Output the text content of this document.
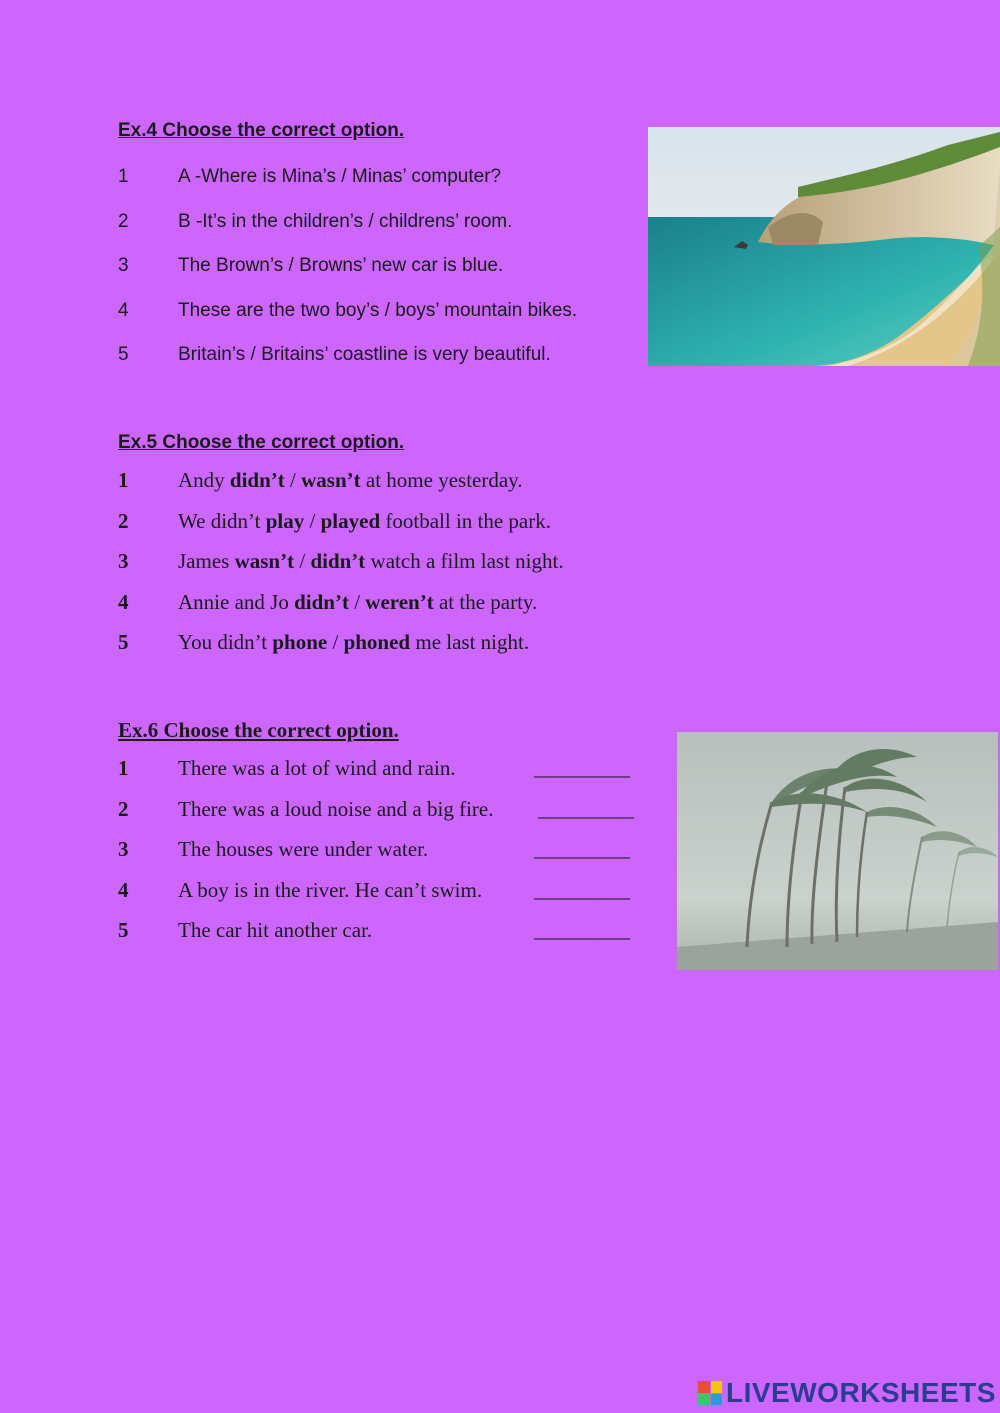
Ex.4 Choose the correct option.

1	A -Where is Mina’s / Minas’ computer?
2	B -It’s in the children’s / childrens’ room.
3	The Brown’s / Browns’ new car is blue.
4	These are the two boy’s / boys’ mountain bikes.
5	Britain’s / Britains’ coastline is very beautiful.

Ex.5 Choose the correct option.

1 Andy didn’t / wasn’t at home yesterday.
2 We didn’t play / played football in the park.
3 James wasn’t / didn’t watch a film last night.
4 Annie and Jo didn’t / weren’t at the party.
5 You didn’t phone / phoned me last night.

Ex.6 Choose the correct option.

1 There was a lot of wind and rain.	__________
2 There was a loud noise and a big fire. __________
3 The houses were under water.	__________
4 A boy is in the river. He can’t swim. __________
5 The car hit another car.	__________
LIVEWORKSHEETS
